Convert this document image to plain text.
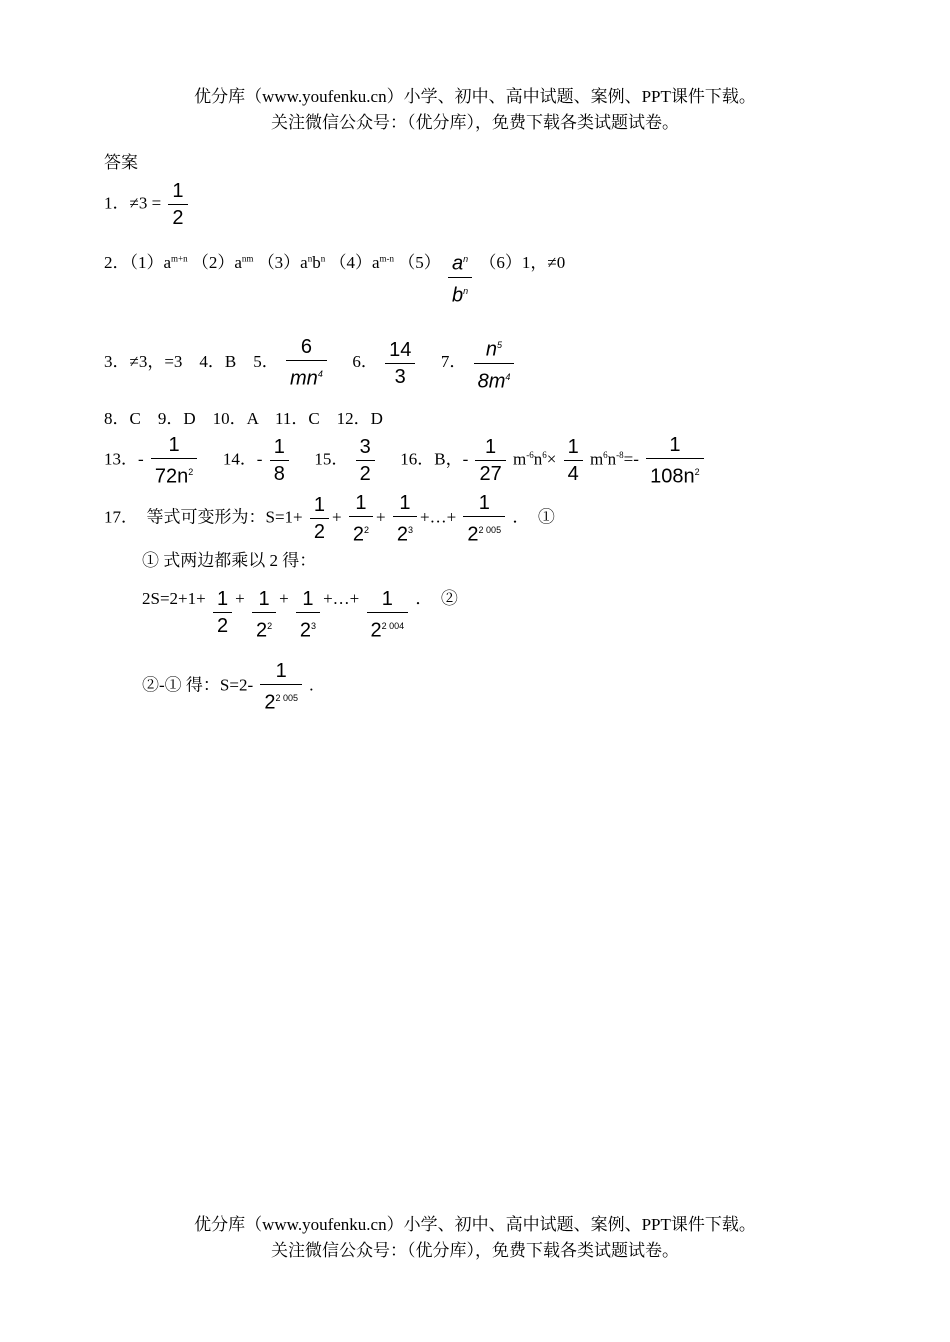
优分库（www.youfenku.cn）小学、初中、高中试题、案例、PPT课件下载。
关注微信公众号：（优分库），免费下载各类试题试卷。
答案
1．$\ne 3 = \frac{1}{2}$
2．$(1)a^{m+n}$ $(2)a^{nm}$ $(3)a^nb^n$ $(4)a^{m-n}$ $(5) \frac{a^n}{b^n} (6)1$，≠0
3．≠3，=3　4．B　5． $\frac{6}{mn^4} 6$． $\frac{14}{3} 7$． $\frac{n^5}{8m^4}$
8．C　9．D　10．A　11．C　12．D
13．- $\frac{1}{72n^2} 14$．- $\frac{1}{8} 15$． $\frac{3}{2} 16$．B，- $\frac{1}{27} m^{-6}n^6\times \frac{1}{4} m^6n^{-8}=- \frac{1}{108n^2}$
17．　等式可变形为：$S=1+ \frac{1}{2} + \frac{1}{2^2} + \frac{1}{2^3}$ +…+ $\frac{1}{2^{2 005}}$ ．　①
① 式两边都乘以 2 得：
$2S=2+1+ \frac{1}{2} + \frac{1}{2^2} + \frac{1}{2^3}$ +…+ $\frac{1}{2^{2 004}}$ ．　②
②-① 得：$S=2- \frac{1}{2^{2 005}}$ .
优分库（www.youfenku.cn）小学、初中、高中试题、案例、PPT课件下载。
关注微信公众号：（优分库），免费下载各类试题试卷。
